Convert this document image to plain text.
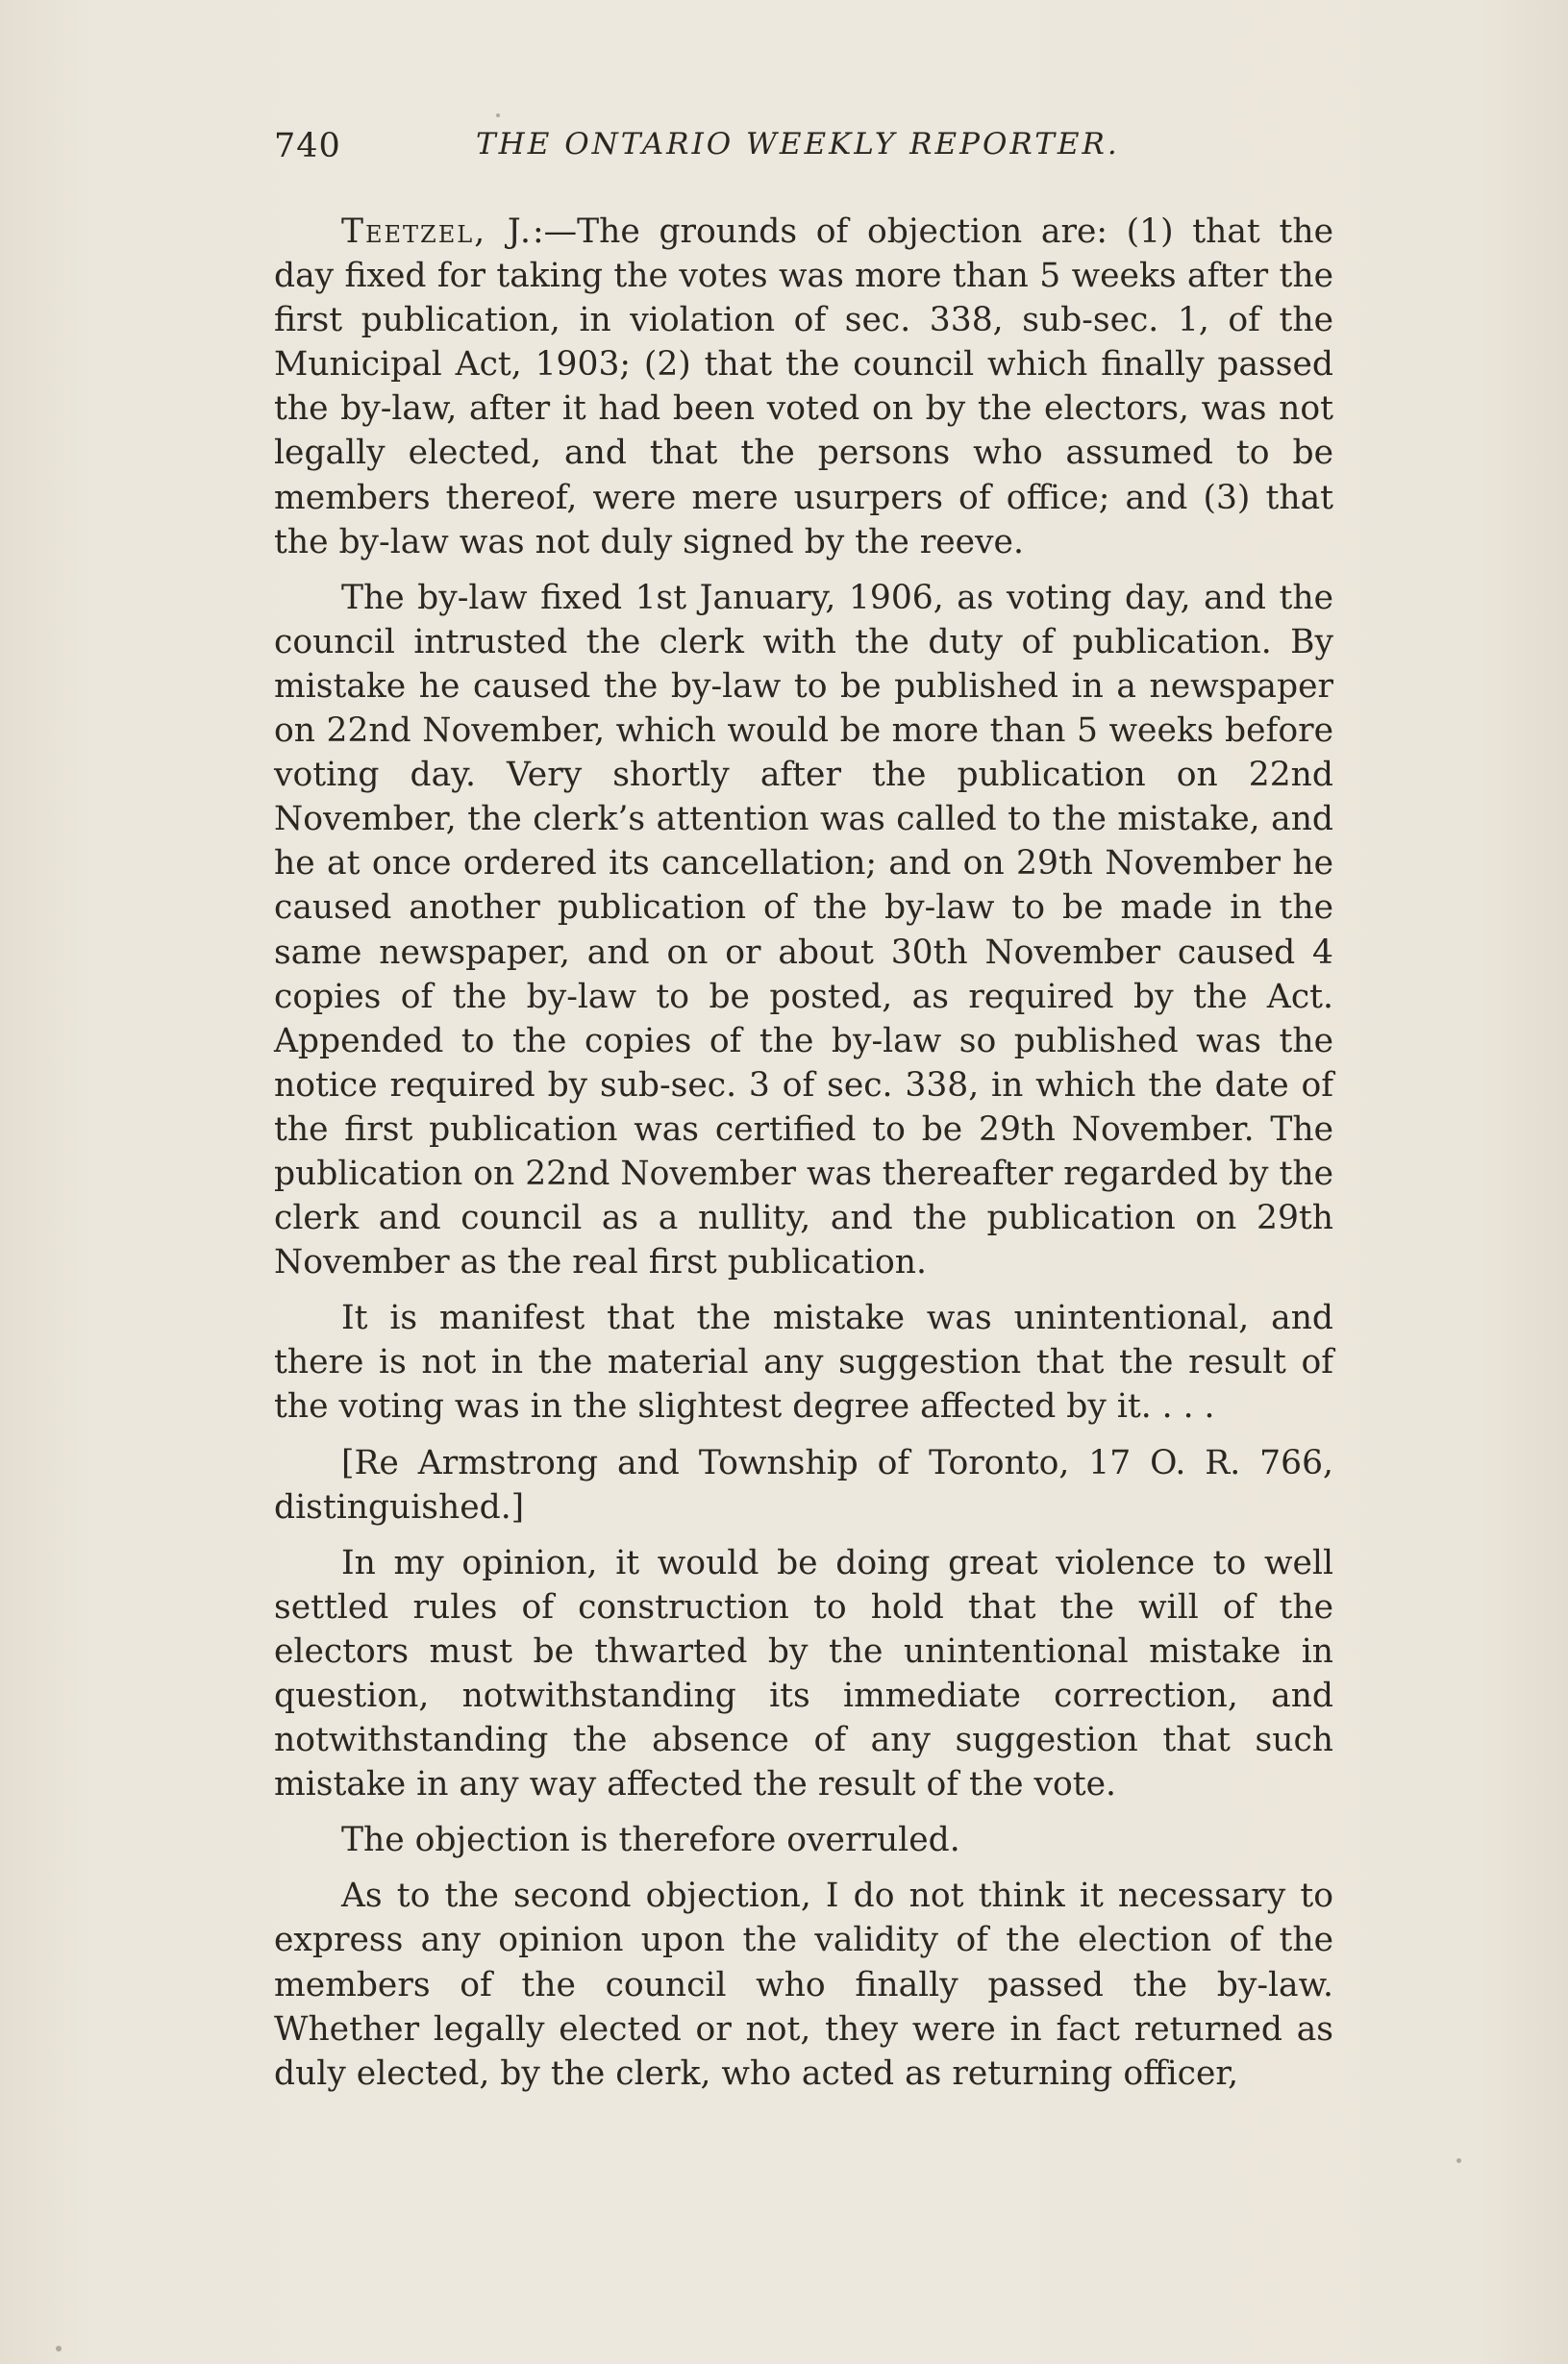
740	THE ONTARIO WEEKLY REPORTER.

Teetzel, J.:—The grounds of objection are: (1) that the day fixed for taking the votes was more than 5 weeks after the first publication, in violation of sec. 338, sub-sec. 1, of the Municipal Act, 1903; (2) that the council which finally passed the by-law, after it had been voted on by the electors, was not legally elected, and that the persons who assumed to be members thereof, were mere usurpers of office; and (3) that the by-law was not duly signed by the reeve.

The by-law fixed 1st January, 1906, as voting day, and the council intrusted the clerk with the duty of publication. By mistake he caused the by-law to be published in a newspaper on 22nd November, which would be more than 5 weeks before voting day. Very shortly after the publication on 22nd November, the clerk’s attention was called to the mistake, and he at once ordered its cancellation; and on 29th November he caused another publication of the by-law to be made in the same newspaper, and on or about 30th November caused 4 copies of the by-law to be posted, as required by the Act. Appended to the copies of the by-law so published was the notice required by sub-sec. 3 of sec. 338, in which the date of the first publication was certified to be 29th November. The publication on 22nd November was thereafter regarded by the clerk and council as a nullity, and the publication on 29th November as the real first publication.

It is manifest that the mistake was unintentional, and there is not in the material any suggestion that the result of the voting was in the slightest degree affected by it. . . .

[Re Armstrong and Township of Toronto, 17 O. R. 766, distinguished.]

In my opinion, it would be doing great violence to well settled rules of construction to hold that the will of the electors must be thwarted by the unintentional mistake in question, notwithstanding its immediate correction, and notwithstanding the absence of any suggestion that such mistake in any way affected the result of the vote.

The objection is therefore overruled.

As to the second objection, I do not think it necessary to express any opinion upon the validity of the election of the members of the council who finally passed the by-law. Whether legally elected or not, they were in fact returned as duly elected, by the clerk, who acted as returning officer,
